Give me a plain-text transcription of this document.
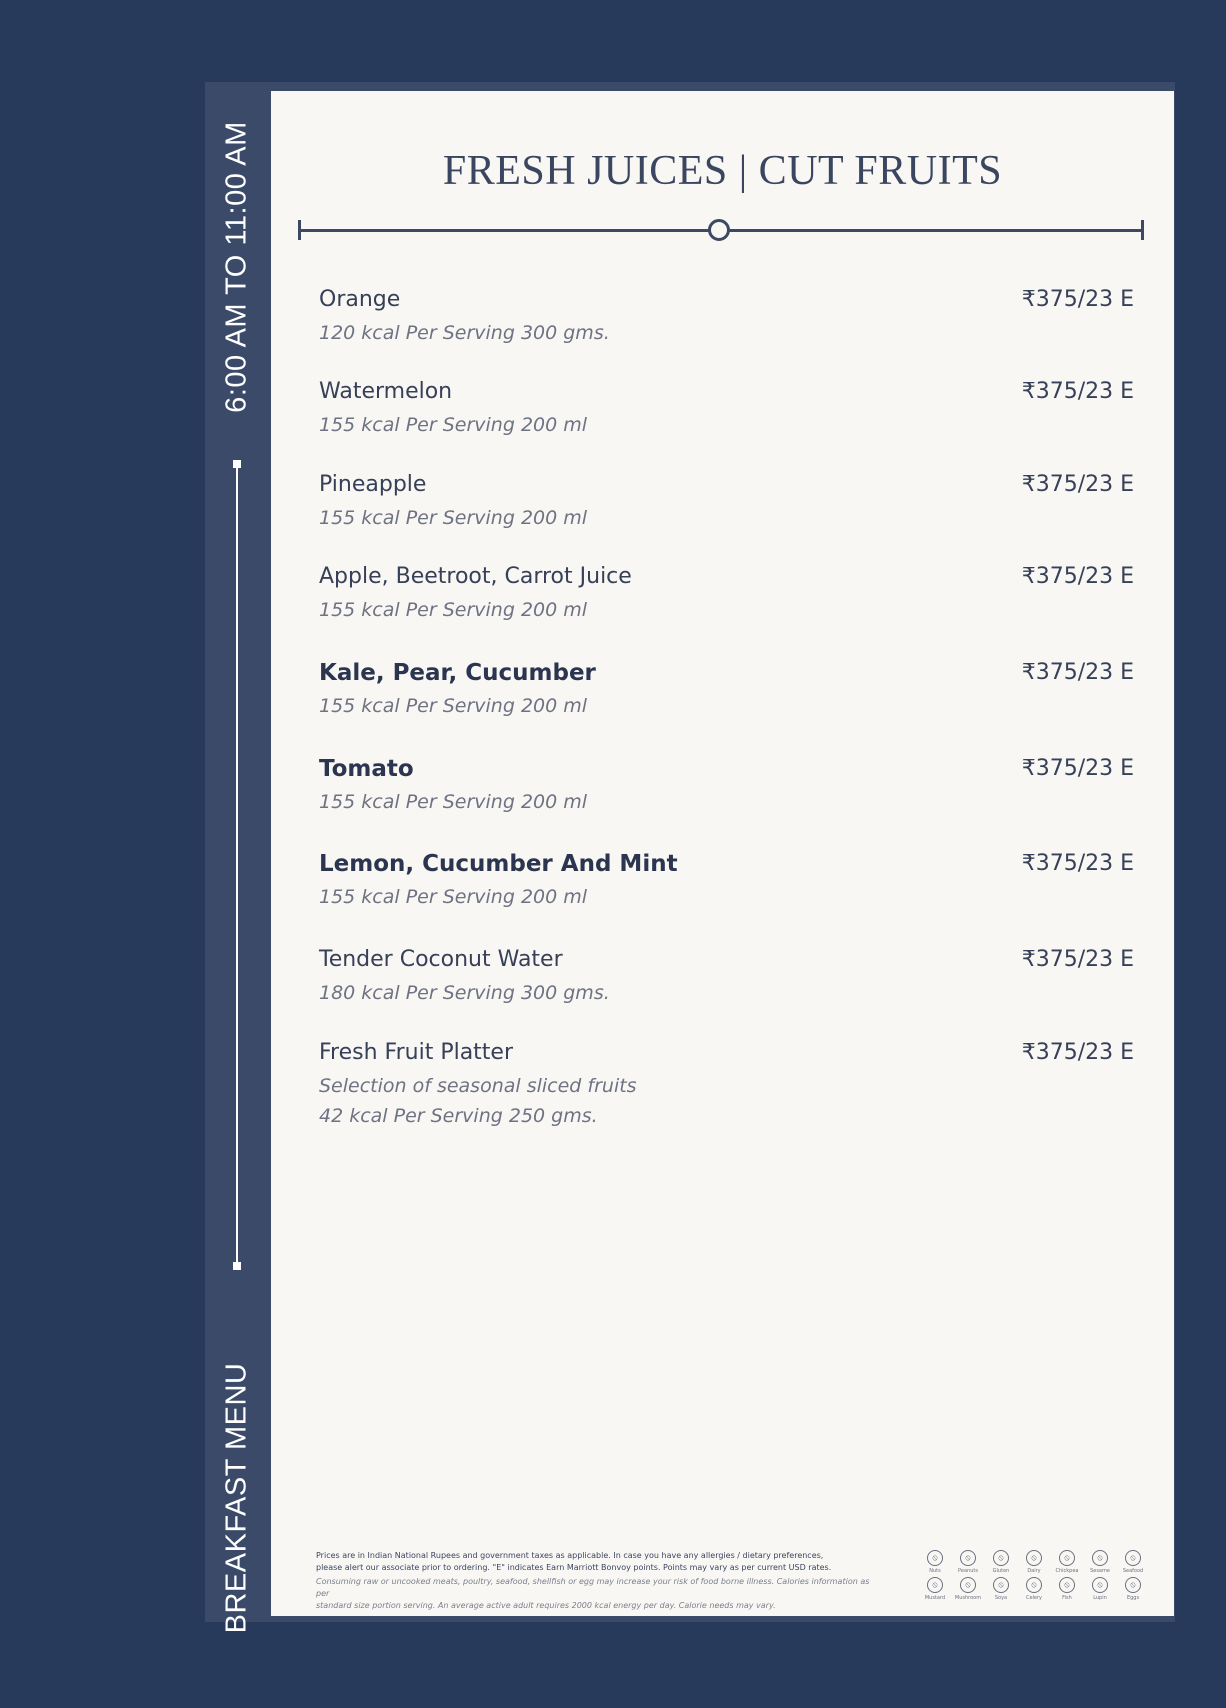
6:00 AM TO 11:00 AM
BREAKFAST MENU
FRESH JUICES | CUT FRUITS
Orange
120 kcal Per Serving 300 gms.
₹375/23 E
Watermelon
155 kcal Per Serving 200 ml
₹375/23 E
Pineapple
155 kcal Per Serving 200 ml
₹375/23 E
Apple, Beetroot, Carrot Juice
155 kcal Per Serving 200 ml
₹375/23 E
Kale, Pear, Cucumber
155 kcal Per Serving 200 ml
₹375/23 E
Tomato
155 kcal Per Serving 200 ml
₹375/23 E
Lemon, Cucumber And Mint
155 kcal Per Serving 200 ml
₹375/23 E
Tender Coconut Water
180 kcal Per Serving 300 gms.
₹375/23 E
Fresh Fruit Platter
Selection of seasonal sliced fruits
42 kcal Per Serving 250 gms.
₹375/23 E
Prices are in Indian National Rupees and government taxes as applicable. In case you have any allergies / dietary preferences,
please alert our associate prior to ordering. "E" indicates Earn Marriott Bonvoy points. Points may vary as per current USD rates.
Consuming raw or uncooked meats, poultry, seafood, shellfish or egg may increase your risk of food borne illness. Calories information as per
standard size portion serving. An average active adult requires 2000 kcal energy per day. Calorie needs may vary.
⦸
Nuts
⦸
Peanuts
⦸
Gluten
⦸
Dairy
⦸
Chickpea
⦸
Sesame
⦸
Seafood
⦸
Mustard
⦸
Mushroom
⦸
Soya
⦸
Celery
⦸
Fish
⦸
Lupin
⦸
Eggs
